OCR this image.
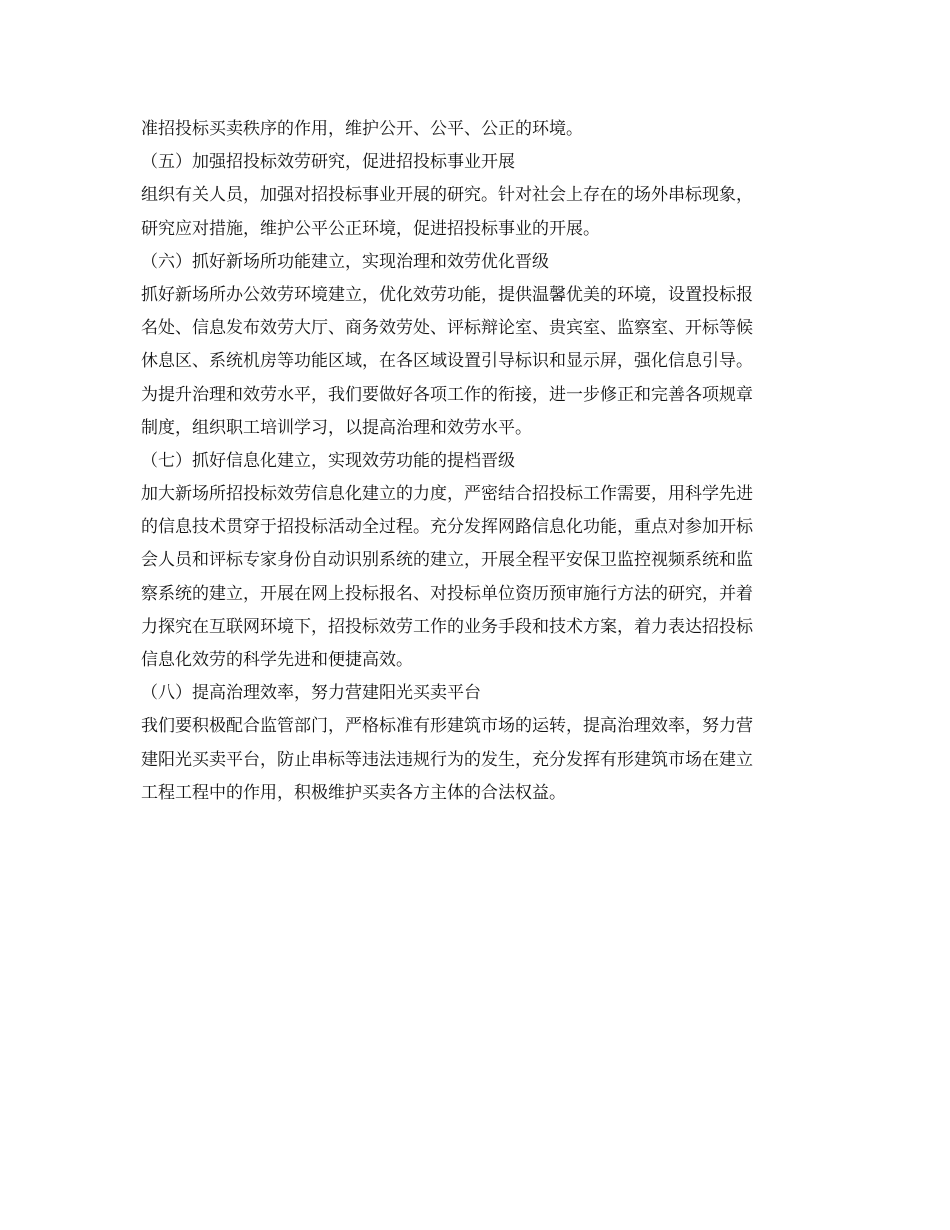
准招投标买卖秩序的作用，维护公开、公平、公正的环境。

（五）加强招投标效劳研究，促进招投标事业开展

组织有关人员，加强对招投标事业开展的研究。针对社会上存在的场外串标现象，

研究应对措施，维护公平公正环境，促进招投标事业的开展。

（六）抓好新场所功能建立，实现治理和效劳优化晋级

抓好新场所办公效劳环境建立，优化效劳功能，提供温馨优美的环境，设置投标报

名处、信息发布效劳大厅、商务效劳处、评标辩论室、贵宾室、监察室、开标等候

休息区、系统机房等功能区域，在各区域设置引导标识和显示屏，强化信息引导。

为提升治理和效劳水平，我们要做好各项工作的衔接，进一步修正和完善各项规章

制度，组织职工培训学习，以提高治理和效劳水平。

（七）抓好信息化建立，实现效劳功能的提档晋级

加大新场所招投标效劳信息化建立的力度，严密结合招投标工作需要，用科学先进

的信息技术贯穿于招投标活动全过程。充分发挥网路信息化功能，重点对参加开标

会人员和评标专家身份自动识别系统的建立，开展全程平安保卫监控视频系统和监

察系统的建立，开展在网上投标报名、对投标单位资历预审施行方法的研究，并着

力探究在互联网环境下，招投标效劳工作的业务手段和技术方案，着力表达招投标

信息化效劳的科学先进和便捷高效。

（八）提高治理效率，努力营建阳光买卖平台

我们要积极配合监管部门，严格标准有形建筑市场的运转，提高治理效率，努力营

建阳光买卖平台，防止串标等违法违规行为的发生，充分发挥有形建筑市场在建立

工程工程中的作用，积极维护买卖各方主体的合法权益。
